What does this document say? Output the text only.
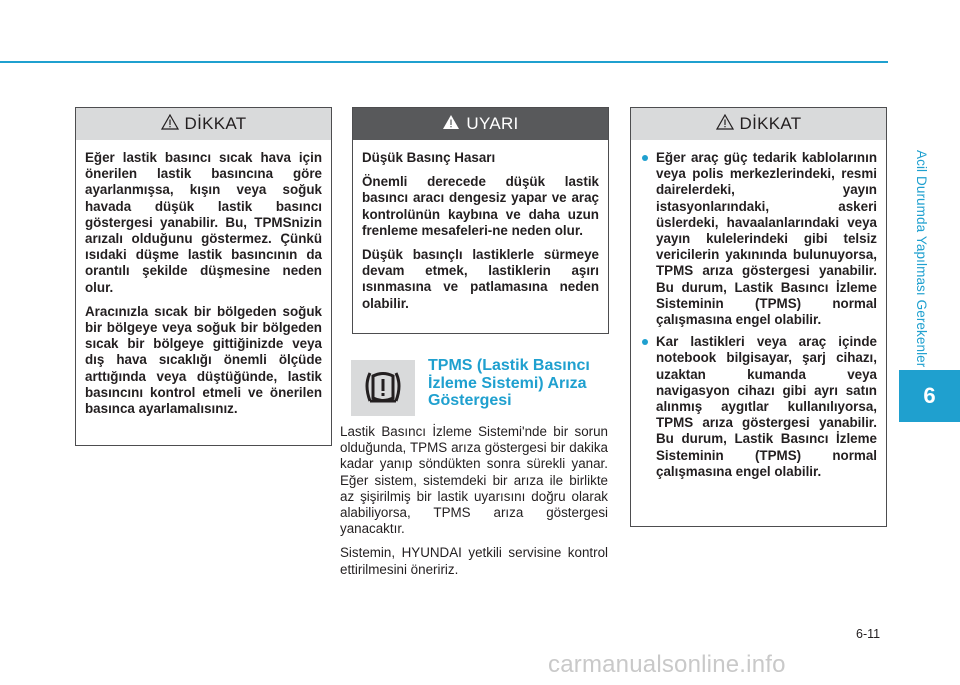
Acil Durumda Yapılması Gerekenler
6
DİKKAT

Eğer lastik basıncı sıcak hava için önerilen lastik basıncına göre ayarlanmışsa, kışın veya soğuk havada düşük lastik basıncı göstergesi yanabilir. Bu, TPMSnizin arızalı olduğunu göstermez. Çünkü ısıdaki düşme lastik basıncının da orantılı şekilde düşmesine neden olur.

Aracınızla sıcak bir bölgeden soğuk bir bölgeye veya soğuk bir bölgeden sıcak bir bölgeye gittiğinizde veya dış hava sıcaklığı önemli ölçüde arttığında veya düştüğünde, lastik basıncını kontrol etmeli ve önerilen basınca ayarlamalısınız.

UYARI

Düşük Basınç Hasarı

Önemli derecede düşük lastik basıncı aracı dengesiz yapar ve araç kontrolünün kaybına ve daha uzun frenleme mesafeleri-ne neden olur.

Düşük basınçlı lastiklerle sürmeye devam etmek, lastiklerin aşırı ısınmasına ve patlamasına neden olabilir.

TPMS (Lastik Basıncı İzleme Sistemi) Arıza Göstergesi

Lastik Basıncı İzleme Sistemi'nde bir sorun olduğunda, TPMS arıza göstergesi bir dakika kadar yanıp söndükten sonra sürekli yanar. Eğer sistem, sistemdeki bir arıza ile birlikte az şişirilmiş bir lastik uyarısını doğru olarak alabiliyorsa, TPMS arıza göstergesi yanacaktır.

Sistemin, HYUNDAI yetkili servisine kontrol ettirilmesini öneririz.

DİKKAT
Eğer araç güç tedarik kablolarının veya polis merkezlerindeki, resmi dairelerdeki, yayın istasyonlarındaki, askeri üslerdeki, havaalanlarındaki veya yayın kulelerindeki gibi telsiz vericilerin yakınında bulunuyorsa, TPMS arıza göstergesi yanabilir. Bu durum, Lastik Basıncı İzleme Sisteminin (TPMS) normal çalışmasına engel olabilir.
Kar lastikleri veya araç içinde notebook bilgisayar, şarj cihazı, uzaktan kumanda veya navigasyon cihazı gibi ayrı satın alınmış aygıtlar kullanılıyorsa, TPMS arıza göstergesi yanabilir. Bu durum, Lastik Basıncı İzleme Sisteminin (TPMS) normal çalışmasına engel olabilir.
6-11
carmanualsonline.info
